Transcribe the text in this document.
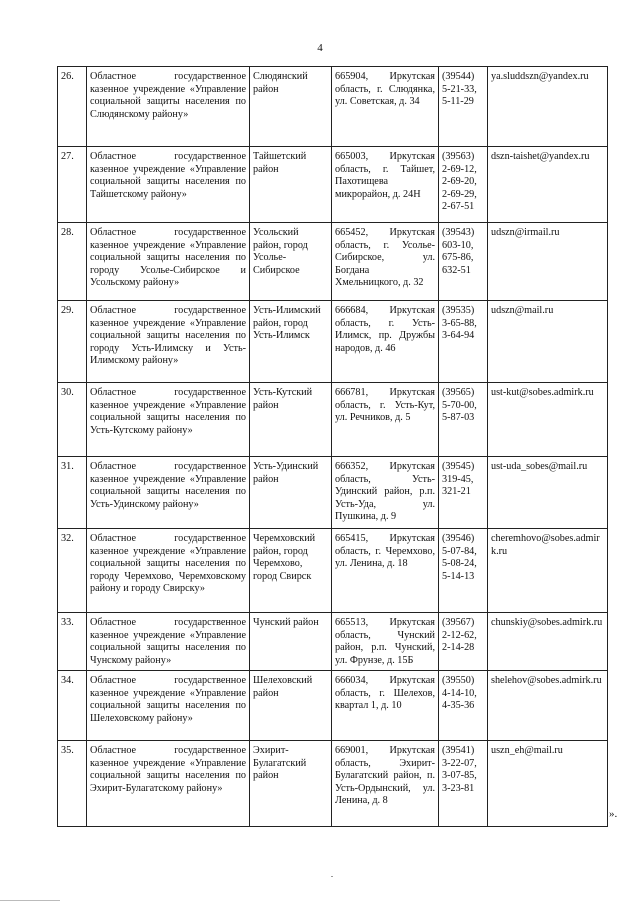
4
26.	Областное государственное казенное учреждение «Управление социальной защиты населения по Слюдянскому району»	Слюдянский район	665904, Иркутская область, г. Слюдянка, ул. Советская, д. 34	(39544) 5-21-33, 5-11-29	ya.sluddszn@yandex.ru
27.	Областное государственное казенное учреждение «Управление социальной защиты населения по Тайшетскому району»	Тайшетский район	665003, Иркутская область, г. Тайшет, Пахотищева микрорайон, д. 24Н	(39563) 2-69-12, 2-69-20, 2-69-29, 2-67-51	dszn-taishet@yandex.ru
28.	Областное государственное казенное учреждение «Управление социальной защиты населения по городу Усолье-Сибирское и Усольскому району»	Усольский район, город Усолье-Сибирское	665452, Иркутская область, г. Усолье-Сибирское, ул. Богдана Хмельницкого, д. 32	(39543) 603-10, 675-86, 632-51	udszn@irmail.ru
29.	Областное государственное казенное учреждение «Управление социальной защиты населения по городу Усть-Илимску и Усть-Илимскому району»	Усть-Илимский район, город Усть-Илимск	666684, Иркутская область, г. Усть-Илимск, пр. Дружбы народов, д. 46	(39535) 3-65-88, 3-64-94	udszn@mail.ru
30.	Областное государственное казенное учреждение «Управление социальной защиты населения по Усть-Кутскому району»	Усть-Кутский район	666781, Иркутская область, г. Усть-Кут, ул. Речников, д. 5	(39565) 5-70-00, 5-87-03	ust-kut@sobes.admirk.ru
31.	Областное государственное казенное учреждение «Управление социальной защиты населения по Усть-Удинскому району»	Усть-Удинский район	666352, Иркутская область, Усть-Удинский район, р.п. Усть-Уда, ул. Пушкина, д. 9	(39545) 319-45, 321-21	ust-uda_sobes@mail.ru
32.	Областное государственное казенное учреждение «Управление социальной защиты населения по городу Черемхово, Черемховскому району и городу Свирску»	Черемховский район, город Черемхово, город Свирск	665415, Иркутская область, г. Черемхово, ул. Ленина, д. 18	(39546) 5-07-84, 5-08-24, 5-14-13	cheremhovo@sobes.admirk.ru
33.	Областное государственное казенное учреждение «Управление социальной защиты населения по Чунскому району»	Чунский район	665513, Иркутская область, Чунский район, р.п. Чунский, ул. Фрунзе, д. 15Б	(39567) 2-12-62, 2-14-28	chunskiy@sobes.admirk.ru
34.	Областное государственное казенное учреждение «Управление социальной защиты населения по Шелеховскому району»	Шелеховский район	666034, Иркутская область, г. Шелехов, квартал 1, д. 10	(39550) 4-14-10, 4-35-36	shelehov@sobes.admirk.ru
35.	Областное государственное казенное учреждение «Управление социальной защиты населения по Эхирит-Булагатскому району»	Эхирит-Булагатский район	669001, Иркутская область, Эхирит-Булагатский район, п. Усть-Ордынский, ул. Ленина, д. 8	(39541) 3-22-07, 3-07-85, 3-23-81	uszn_eh@mail.ru
».
